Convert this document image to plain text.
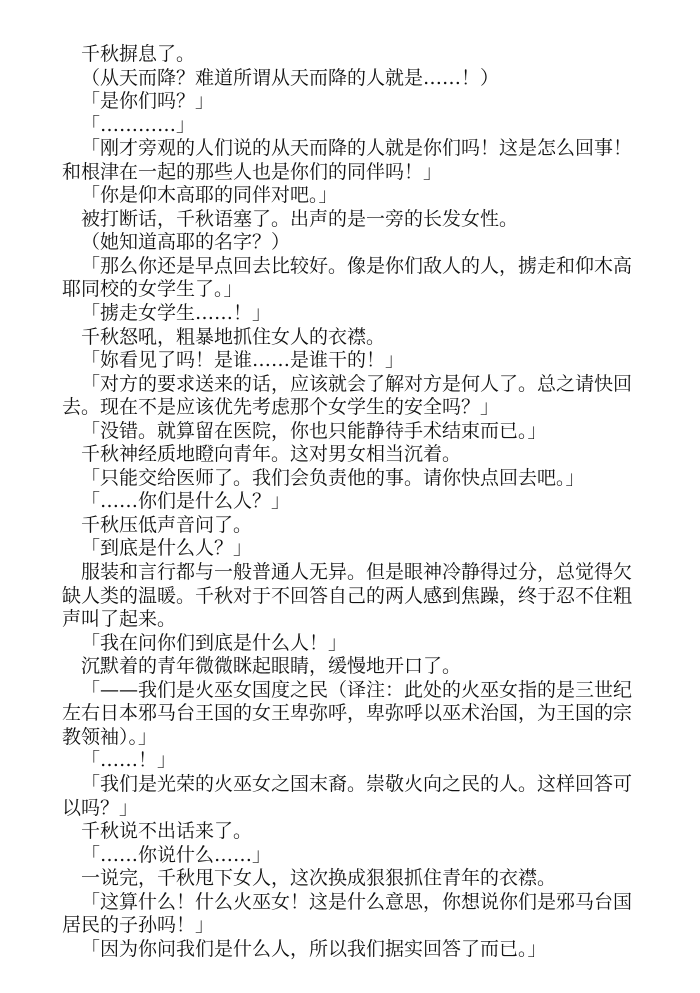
千秋摒息了。

（从天而降？难道所谓从天而降的人就是……！）

「是你们吗？」

「…………」

「刚才旁观的人们说的从天而降的人就是你们吗！这是怎么回事！和根津在一起的那些人也是你们的同伴吗！」

「你是仰木高耶的同伴对吧。」

被打断话，千秋语塞了。出声的是一旁的长发女性。

（她知道高耶的名字？）

「那么你还是早点回去比较好。像是你们敌人的人，掳走和仰木高耶同校的女学生了。」

「掳走女学生……！」

千秋怒吼，粗暴地抓住女人的衣襟。

「妳看见了吗！是谁……是谁干的！」

「对方的要求送来的话，应该就会了解对方是何人了。总之请快回去。现在不是应该优先考虑那个女学生的安全吗？」

「没错。就算留在医院，你也只能静待手术结束而已。」

千秋神经质地瞪向青年。这对男女相当沉着。

「只能交给医师了。我们会负责他的事。请你快点回去吧。」

「……你们是什么人？」

千秋压低声音问了。

「到底是什么人？」

服装和言行都与一般普通人无异。但是眼神冷静得过分，总觉得欠缺人类的温暖。千秋对于不回答自己的两人感到焦躁，终于忍不住粗声叫了起来。

「我在问你们到底是什么人！」

沉默着的青年微微眯起眼睛，缓慢地开口了。

「——我们是火巫女国度之民（译注：此处的火巫女指的是三世纪左右日本邪马台王国的女王卑弥呼，卑弥呼以巫术治国，为王国的宗教领袖）。」

「……！」

「我们是光荣的火巫女之国末裔。崇敬火向之民的人。这样回答可以吗？」

千秋说不出话来了。

「……你说什么……」

一说完，千秋甩下女人，这次换成狠狠抓住青年的衣襟。

「这算什么！什么火巫女！这是什么意思，你想说你们是邪马台国居民的子孙吗！」

「因为你问我们是什么人，所以我们据实回答了而已。」
